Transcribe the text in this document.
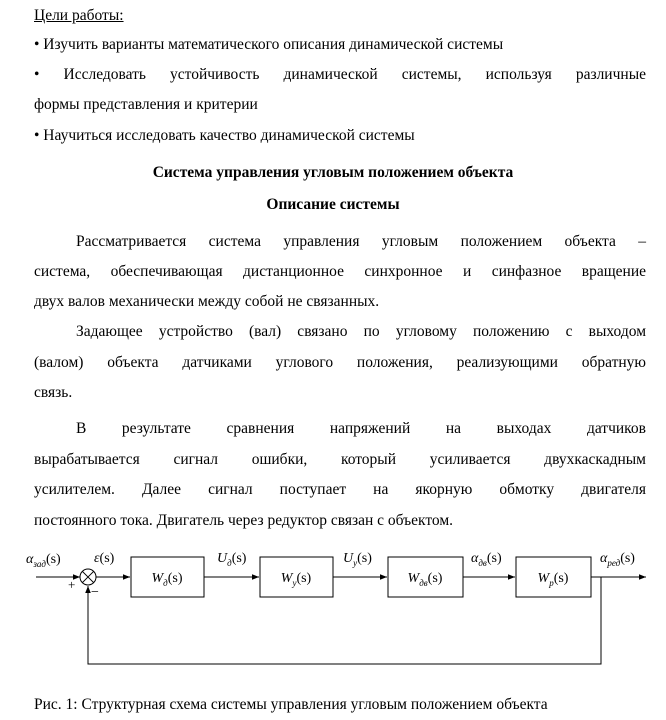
Цели работы:
• Изучить варианты математического описания динамической системы
• Исследовать устойчивость динамической системы, используя различные
формы представления и критерии
• Научиться исследовать качество динамической системы
Система управления угловым положением объекта
Описание системы
Рассматривается система управления угловым положением объекта –
система, обеспечивающая дистанционное синхронное и синфазное вращение
двух валов механически между собой не связанных.
Задающее устройство (вал) связано по угловому положению с выходом
(валом) объекта датчиками углового положения, реализующими обратную
связь.
В результате сравнения напряжений на выходах датчиков
вырабатывается сигнал ошибки, который усиливается двухкаскадным
усилителем. Далее сигнал поступает на якорную обмотку двигателя
постоянного тока. Двигатель через редуктор связан с объектом.
$\alpha_{зад}(s)$ ε(s)	$U_д(s)$	$U_у(s)$	$\alpha_{дв}(s)$	$\alpha_{ред}(s)$
+
−
$W_д(s)$	$W_у(s)$	$W_{дв}(s)$	$W_р(s)$
Рис. 1: Структурная схема системы управления угловым положением объекта
